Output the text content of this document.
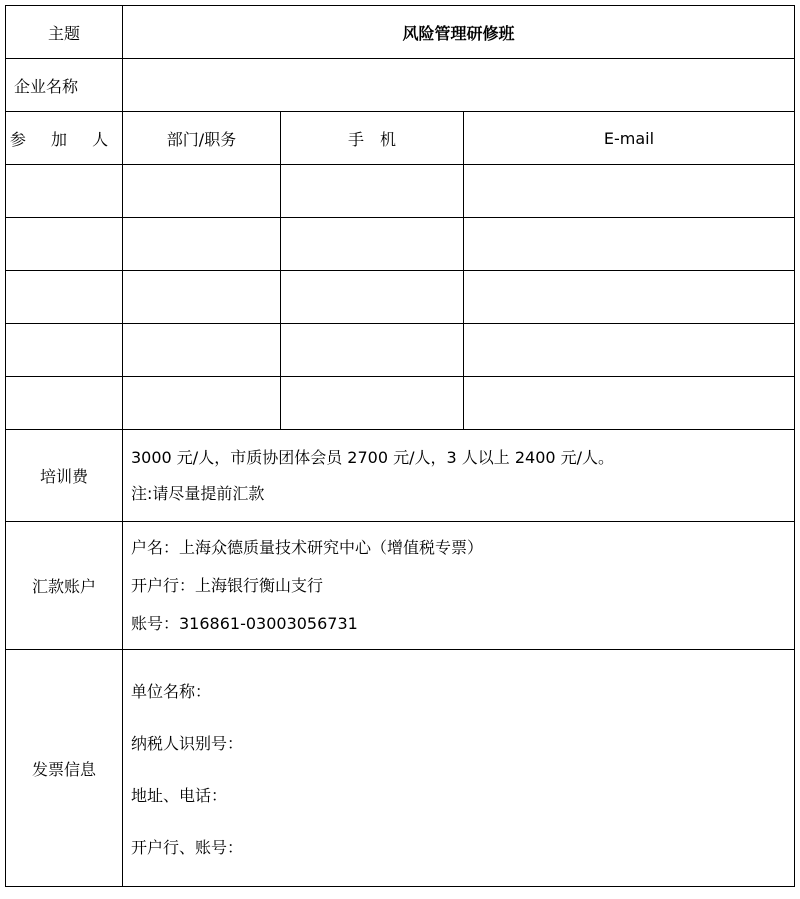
主题	风险管理研修班		
企业名称			
参 加 人	部门/职务	手　机	E-mail

培训费	3000 元/人，市质协团体会员 2700 元/人，3 人以上 2400 元/人。
注:请尽量提前汇款		

汇款账户	户名：上海众德质量技术研究中心（增值税专票）
开户行：上海银行衡山支行
账号：316861-03003056731		

发票信息	单位名称：
纳税人识别号：
地址、电话：
开户行、账号：		
